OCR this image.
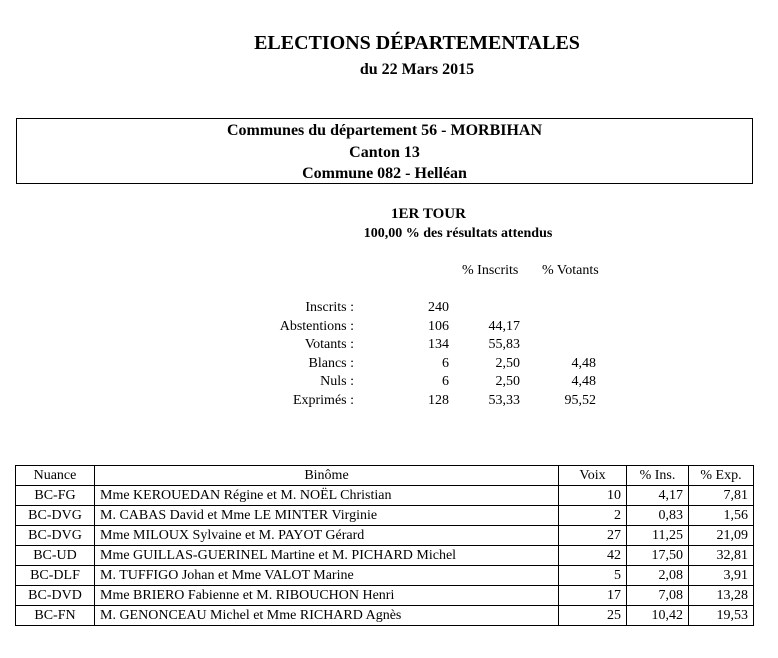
ELECTIONS DÉPARTEMENTALES
du 22 Mars 2015
Communes du département 56 - MORBIHAN
Canton 13
Commune 082 - Helléan
1ER TOUR
100,00 % des résultats attendus
% Inscrits % Votants
Inscrits :	240
Abstentions :	106	44,17
Votants :	134	55,83
Blancs :	6	2,50	4,48
Nuls :	6	2,50	4,48
Exprimés :	128	53,33	95,52
Nuance	Binôme	Voix	% Ins.	% Exp.
BC-FG	Mme KEROUEDAN Régine et M. NOËL Christian	10	4,17	7,81
BC-DVG	M. CABAS David et Mme LE MINTER Virginie	2	0,83	1,56
BC-DVG	Mme MILOUX Sylvaine et M. PAYOT Gérard	27	11,25	21,09
BC-UD	Mme GUILLAS-GUERINEL Martine et M. PICHARD Michel	42	17,50	32,81
BC-DLF	M. TUFFIGO Johan et Mme VALOT Marine	5	2,08	3,91
BC-DVD	Mme BRIERO Fabienne et M. RIBOUCHON Henri	17	7,08	13,28
BC-FN	M. GENONCEAU Michel et Mme RICHARD Agnès	25	10,42	19,53
